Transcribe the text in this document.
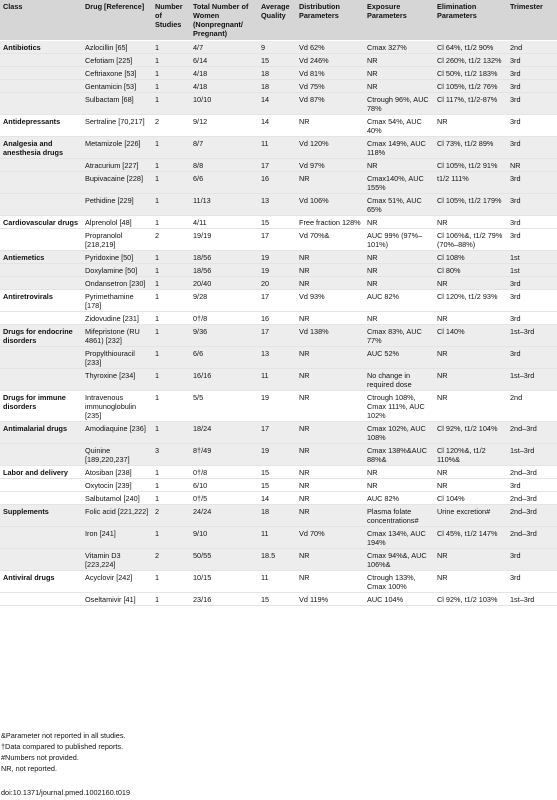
Class	Drug [Reference]	Number of Studies	Total Number of Women (Nonpregnant/ Pregnant)	Average Quality	Distribution Parameters	Exposure Parameters	Elimination Parameters	Trimester
Antibiotics	Azlocillin [65]	1	4/7	9	Vd 62%	Cmax 327%	Cl 64%, t1/2 90%	2nd
	Cefotiam [225]	1	6/14	15	Vd 246%	NR	Cl 260%, t1/2 132%	3rd
	Ceftriaxone [53]	1	4/18	18	Vd 81%	NR	Cl 50%, t1/2 183%	3rd
	Gentamicin [53]	1	4/18	18	Vd 75%	NR	Cl 105%, t1/2 76%	3rd
	Sulbactam [68]	1	10/10	14	Vd 87%	Ctrough 96%, AUC 78%	Cl 117%, t1/2-87%	3rd
Antidepressants	Sertraline [70,217]	2	9/12	14	NR	Cmax 54%, AUC 40%	NR	3rd
Analgesia and anesthesia drugs	Metamizole [226]	1	8/7	11	Vd 120%	Cmax 149%, AUC 118%	Cl 73%, t1/2 89%	3rd
	Atracurium [227]	1	8/8	17	Vd 97%	NR	Cl 105%, t1/2 91%	NR
	Bupivacaine [228]	1	6/6	16	NR	Cmax140%, AUC 155%	t1/2 111%	3rd
	Pethidine [229]	1	11/13	13	Vd 106%	Cmax 51%, AUC 65%	Cl 105%, t1/2 179%	3rd
Cardiovascular drugs	Alprenolol [48]	1	4/11	15	Free fraction 128%	NR	NR	3rd
	Propranolol [218,219]	2	19/19	17	Vd 70%&	AUC 99% (97%–101%)	Cl 106%&, t1/2 79% (70%–88%)	3rd
Antiemetics	Pyridoxine [50]	1	18/56	19	NR	NR	Cl 108%	1st
	Doxylamine [50]	1	18/56	19	NR	NR	Cl 80%	1st
	Ondansetron [230]	1	20/40	20	NR	NR	NR	3rd
Antiretrovirals	Pyrimethamine [178]	1	9/28	17	Vd 93%	AUC 82%	Cl 120%, t1/2 93%	3rd
	Zidovudine [231]	1	0†/8	16	NR	NR	NR	3rd
Drugs for endocrine disorders	Mifepristone (RU 4861) [232]	1	9/36	17	Vd 138%	Cmax 83%, AUC 77%	Cl 140%	1st–3rd
	Propylthiouracil [233]	1	6/6	13	NR	AUC 52%	NR	3rd
	Thyroxine [234]	1	16/16	11	NR	No change in required dose	NR	1st–3rd
Drugs for immune disorders	Intravenous immunoglobulin [235]	1	5/5	19	NR	Ctrough 108%, Cmax 111%, AUC 102%	NR	2nd
Antimalarial drugs	Amodiaquine [236]	1	18/24	17	NR	Cmax 102%, AUC 108%	Cl 92%, t1/2 104%	2nd–3rd
	Quinine [189,220,237]	3	8†/49	19	NR	Cmax 138%&AUC 88%&	Cl 120%&, t1/2 110%&	1st–3rd
Labor and delivery	Atosiban [238]	1	0†/8	15	NR	NR	NR	2nd–3rd
	Oxytocin [239]	1	6/10	15	NR	NR	NR	3rd
	Salbutamol [240]	1	0†/5	14	NR	AUC 82%	Cl 104%	2nd–3rd
Supplements	Folic acid [221,222]	2	24/24	18	NR	Plasma folate concentrations#	Urine excretion#	2nd–3rd
	Iron [241]	1	9/10	11	Vd 70%	Cmax 134%, AUC 194%	Cl 45%, t1/2 147%	2nd–3rd
	Vitamin D3 [223,224]	2	50/55	18.5	NR	Cmax 94%&, AUC 106%&	NR	3rd
Antiviral drugs	Acyclovir [242]	1	10/15	11	NR	Ctrough 133%, Cmax 100%	NR	3rd
	Oseltamivir [41]	1	23/16	15	Vd 119%	AUC 104%	Cl 92%, t1/2 103%	1st–3rd
&Parameter not reported in all studies.
†Data compared to published reports.
#Numbers not provided.
NR, not reported.
doi:10.1371/journal.pmed.1002160.t019
